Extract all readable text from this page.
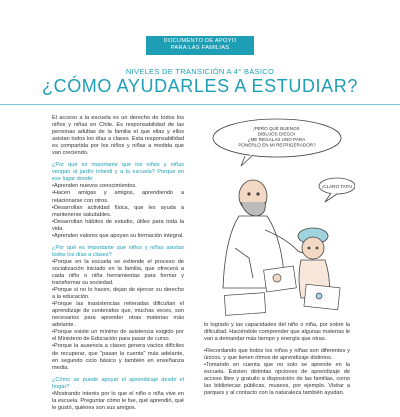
DOCUMENTO DE APOYO
PARA LAS FAMILIAS
NIVELES DE TRANSICIÓN A 4° BÁSICO
¿CÓMO AYUDARLES A ESTUDIAR?

El acceso a la escuela es un derecho de todos los niños y niñas en Chile. Es responsabilidad de las personas adultas de la familia el que ellas y ellos asistan todos los días a clases. Esta responsabilidad es compartida por los niños y niñas a medida que van creciendo.

¿Por qué es importante que los niños y niñas vengan al jardín infantil y a la escuela? Porque en ese lugar donde:

• Aprenden nuevos conocimientos.
• Hacen amigas y amigos, aprendiendo a relacionarse con otros.
• Desarrollan actividad física, que les ayuda a mantenerse saludables.
• Desarrollan hábitos de estudio, útiles para toda la vida.
• Aprenden valores que apoyan su formación integral.

¿Por qué es importante que niños y niñas asistan todos los días a clases?

• Porque en la escuela se extiende el proceso de socialización iniciado en la familia, que ofrecerá a cada niño o niña herramientas para formar y transformar su sociedad.
• Porque si no lo hacen, dejan de ejercer su derecho a la educación.
• Porque las inasistencias reiteradas dificultan el aprendizaje de contenidos que, muchas veces, son necesarios para aprender otras materias más adelante.
• Porque existe un mínimo de asistencia exigido por el Ministerio de Educación para pasar de curso.
• Porque la ausencia a clases genera vacíos difíciles de recuperar, que "pasan la cuenta" más adelante, en segundo ciclo básico y también en enseñanza media.

¿Cómo se puede apoyar el aprendizaje desde el hogar?

• Mostrando interés por lo que el niño o niña vive en la escuela. Preguntar cómo le fue, qué aprendió, qué le gustó, quiénes son sus amigos.
¡PERO QUÉ BUENOS DIBUJOS DIEGO! ¿ME REGALAS UNO PARA PONERLO EN MI REFRIGERADOR?
¡CLARO TATA!

lo logrado y las capacidades del niño o niña, por sobre la dificultad. Haciéndole comprender que algunas materias le van a demandar más tiempo y energía que otras.

• Recordando que todos los niños y niñas son diferentes y únicos, y que tienen ritmos de aprendizaje distintos.
• Tomando en cuenta que no solo se aprende en la escuela. Existen distintas opciones de aprendizaje de acceso libre y gratuito a disposición de las familias, como las bibliotecas públicas, museos, por ejemplo. Visitar a parques y al contacto con la naturaleza también ayudan.
